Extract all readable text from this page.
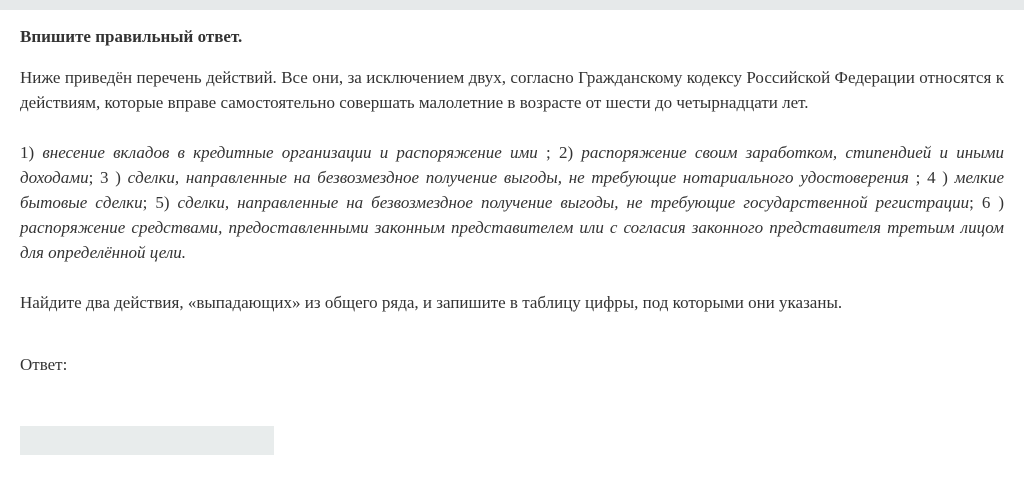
Впишите правильный ответ.

Ниже приведён перечень действий. Все они, за исключением двух, согласно Гражданскому кодексу Российской Федерации относятся к действиям, которые вправе самостоятельно совершать малолетние в возрасте от шести до четырнадцати лет.

1) внесение вкладов в кредитные организации и распоряжение ими ; 2) распоряжение своим заработком, стипендией и иными доходами; 3 ) сделки, направленные на безвозмездное получение выгоды, не требующие нотариального удостоверения ; 4 ) мелкие бытовые сделки; 5) сделки, направленные на безвозмездное получение выгоды, не требующие государственной регистрации; 6 ) распоряжение средствами, предоставленными законным представителем или с согласия законного представителя третьим лицом для определённой цели.

Найдите два действия, «выпадающих» из общего ряда, и запишите в таблицу цифры, под которыми они указаны.

Ответ:
